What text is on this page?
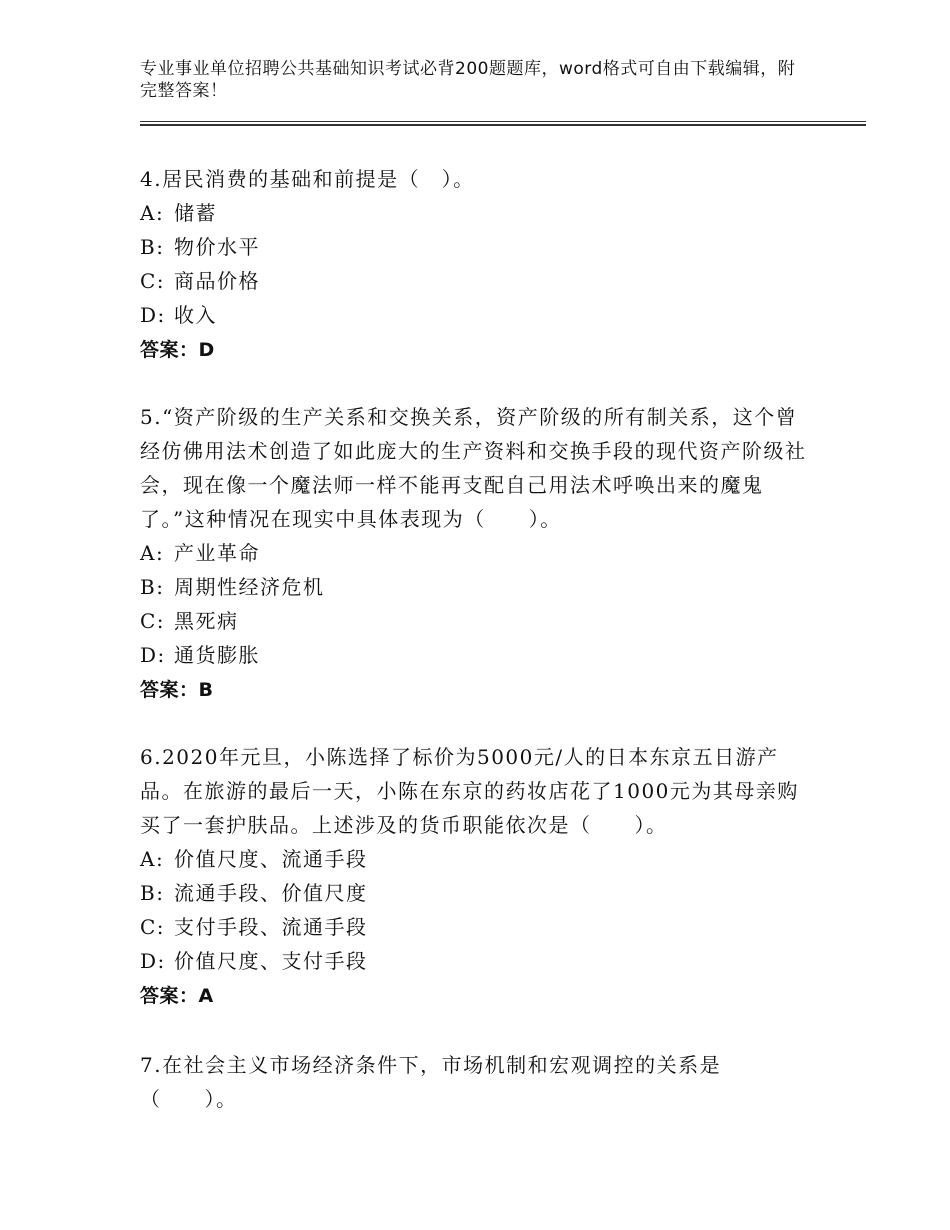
专业事业单位招聘公共基础知识考试必背200题题库，word格式可自由下载编辑，附完整答案！

4.居民消费的基础和前提是（　）。

A: 储蓄

B: 物价水平

C: 商品价格

D: 收入

答案：D

5.“资产阶级的生产关系和交换关系，资产阶级的所有制关系，这个曾经仿佛用法术创造了如此庞大的生产资料和交换手段的现代资产阶级社会，现在像一个魔法师一样不能再支配自己用法术呼唤出来的魔鬼了。”这种情况在现实中具体表现为（　　）。

A: 产业革命

B: 周期性经济危机

C: 黑死病

D: 通货膨胀

答案：B

6.2020年元旦，小陈选择了标价为5000元/人的日本东京五日游产品。在旅游的最后一天，小陈在东京的药妆店花了1000元为其母亲购买了一套护肤品。上述涉及的货币职能依次是（　　）。

A: 价值尺度、流通手段

B: 流通手段、价值尺度

C: 支付手段、流通手段

D: 价值尺度、支付手段

答案：A

7.在社会主义市场经济条件下，市场机制和宏观调控的关系是（　　）。
